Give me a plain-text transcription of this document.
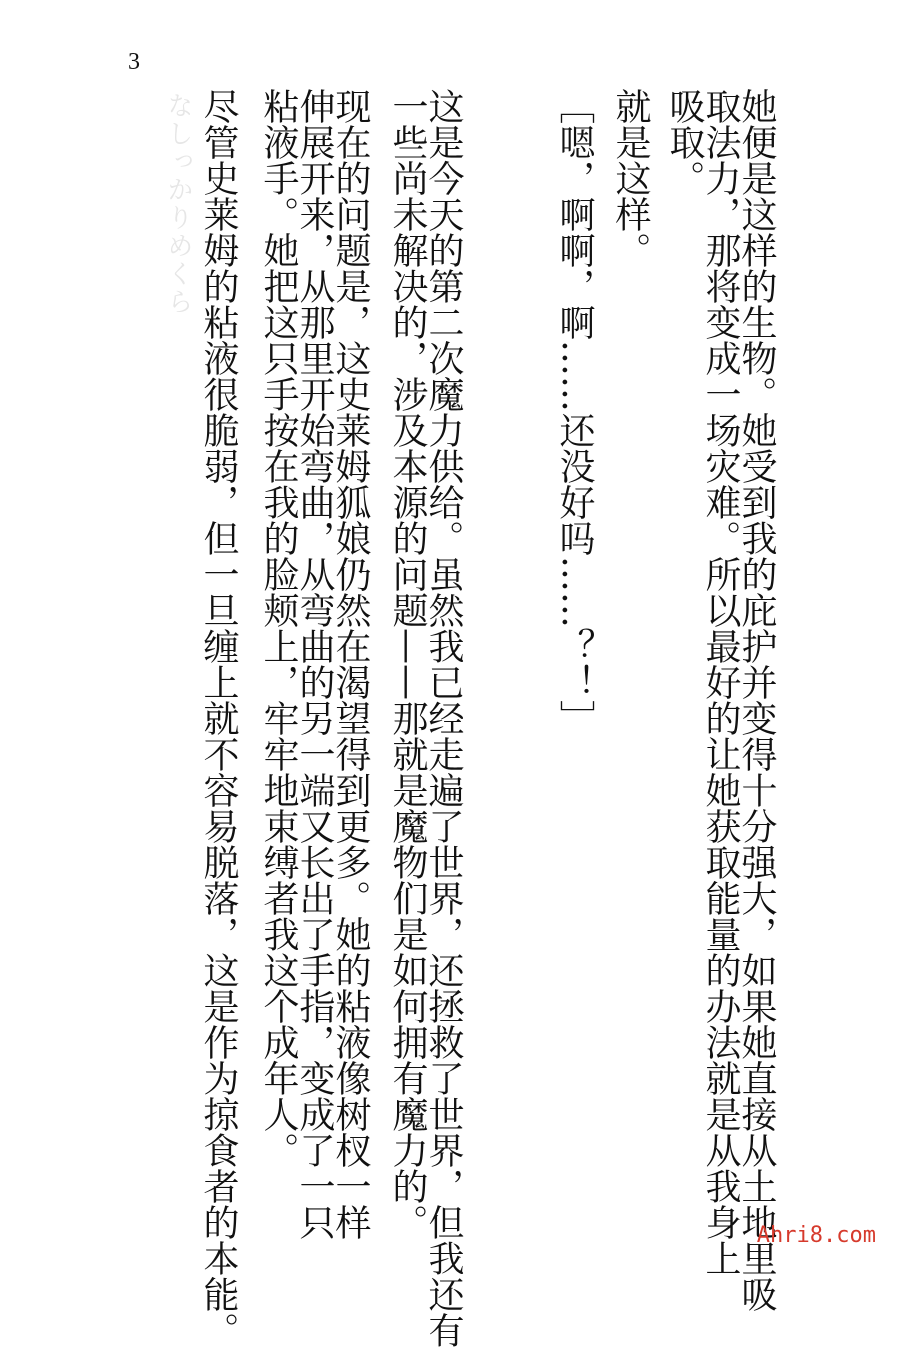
3
なしっかりめくら	她便是这样的生物。她受到我的庇护并变得十分强大，如果她直接从土地里吸
取法力，那将变成一场灾难。所以最好的让她获取能量的办法就是从我身上
吸取。
就是这样。
［嗯，啊啊，啊……还没好吗……？！］
这是今天的第二次魔力供给。虽然我已经走遍了世界，还拯救了世界，但我还有
一些尚未解决的，涉及本源的问题——那就是魔物们是如何拥有魔力的。
现在的问题是，这史莱姆狐娘仍然在渴望得到更多。她的粘液像树杈一样
伸展开来，从那里开始弯曲，从弯曲的另一端又长出了手指，变成了一只
粘液手。她把这只手按在我的脸颊上，牢牢地束缚者我这个成年人。
尽管史莱姆的粘液很脆弱，但一旦缠上就不容易脱落，这是作为掠食者的本能。	Ahri8.com
